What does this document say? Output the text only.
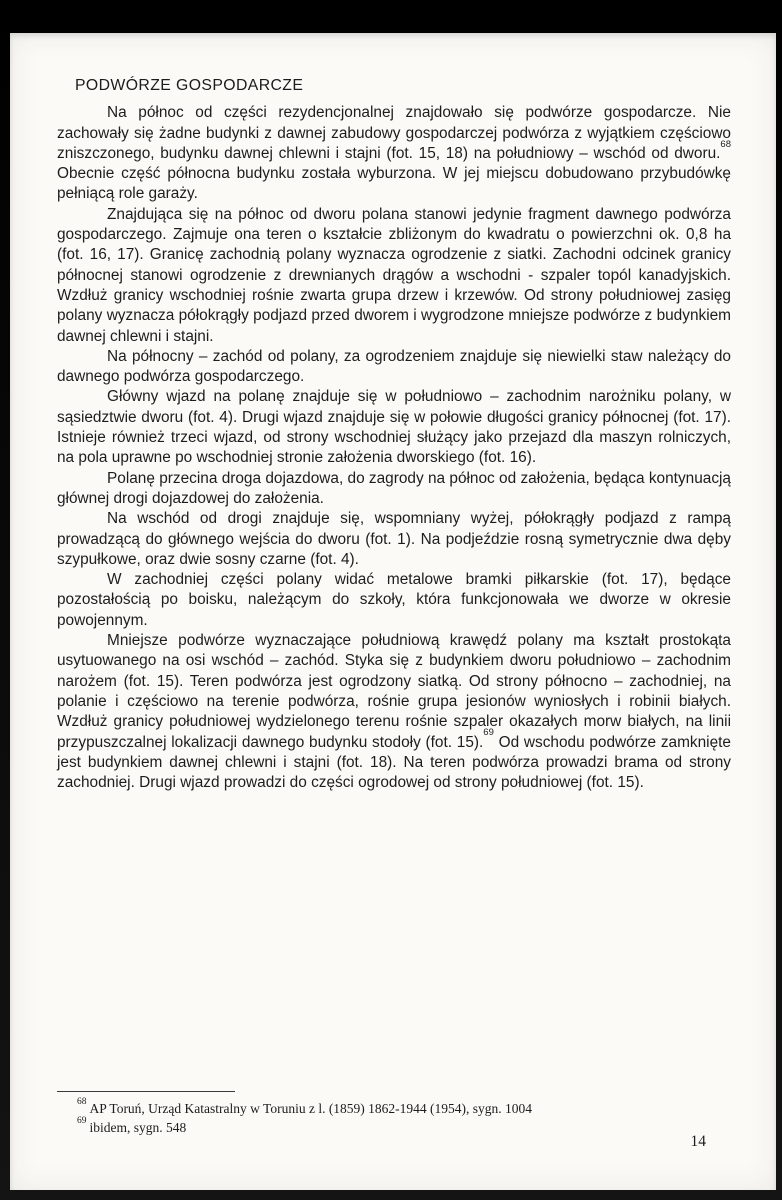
PODWÓRZE GOSPODARCZE

Na północ od części rezydencjonalnej znajdowało się podwórze gospodarcze. Nie zachowały się żadne budynki z dawnej zabudowy gospodarczej podwórza z wyjątkiem częściowo zniszczonego, budynku dawnej chlewni i stajni (fot. 15, 18) na południowy – wschód od dworu.$^{68}$ Obecnie część północna budynku została wyburzona. W jej miejscu dobudowano przybudówkę pełniącą role garaży.

Znajdująca się na północ od dworu polana stanowi jedynie fragment dawnego podwórza gospodarczego. Zajmuje ona teren o kształcie zbliżonym do kwadratu o powierzchni ok. 0,8 ha (fot. 16, 17). Granicę zachodnią polany wyznacza ogrodzenie z siatki. Zachodni odcinek granicy północnej stanowi ogrodzenie z drewnianych drągów a wschodni - szpaler topól kanadyjskich. Wzdłuż granicy wschodniej rośnie zwarta grupa drzew i krzewów. Od strony południowej zasięg polany wyznacza półokrągły podjazd przed dworem i wygrodzone mniejsze podwórze z budynkiem dawnej chlewni i stajni.

Na północny – zachód od polany, za ogrodzeniem znajduje się niewielki staw należący do dawnego podwórza gospodarczego.

Główny wjazd na polanę znajduje się w południowo – zachodnim narożniku polany, w sąsiedztwie dworu (fot. 4). Drugi wjazd znajduje się w połowie długości granicy północnej (fot. 17). Istnieje również trzeci wjazd, od strony wschodniej służący jako przejazd dla maszyn rolniczych, na pola uprawne po wschodniej stronie założenia dworskiego (fot. 16).

Polanę przecina droga dojazdowa, do zagrody na północ od założenia, będąca kontynuacją głównej drogi dojazdowej do założenia.

Na wschód od drogi znajduje się, wspomniany wyżej, półokrągły podjazd z rampą prowadzącą do głównego wejścia do dworu (fot. 1). Na podjeździe rosną symetrycznie dwa dęby szypułkowe, oraz dwie sosny czarne (fot. 4).

W zachodniej części polany widać metalowe bramki piłkarskie (fot. 17), będące pozostałością po boisku, należącym do szkoły, która funkcjonowała we dworze w okresie powojennym.

Mniejsze podwórze wyznaczające południową krawędź polany ma kształt prostokąta usytuowanego na osi wschód – zachód. Styka się z budynkiem dworu południowo – zachodnim narożem (fot. 15). Teren podwórza jest ogrodzony siatką. Od strony północno – zachodniej, na polanie i częściowo na terenie podwórza, rośnie grupa jesionów wyniosłych i robinii białych. Wzdłuż granicy południowej wydzielonego terenu rośnie szpaler okazałych morw białych, na linii przypuszczalnej lokalizacji dawnego budynku stodoły (fot. 15).$^{69}$ Od wschodu podwórze zamknięte jest budynkiem dawnej chlewni i stajni (fot. 18). Na teren podwórza prowadzi brama od strony zachodniej. Drugi wjazd prowadzi do części ogrodowej od strony południowej (fot. 15).

$^{68}$ AP Toruń, Urząd Katastralny w Toruniu z l. (1859) 1862-1944 (1954), sygn. 1004
$^{69}$ ibidem, sygn. 548
14
